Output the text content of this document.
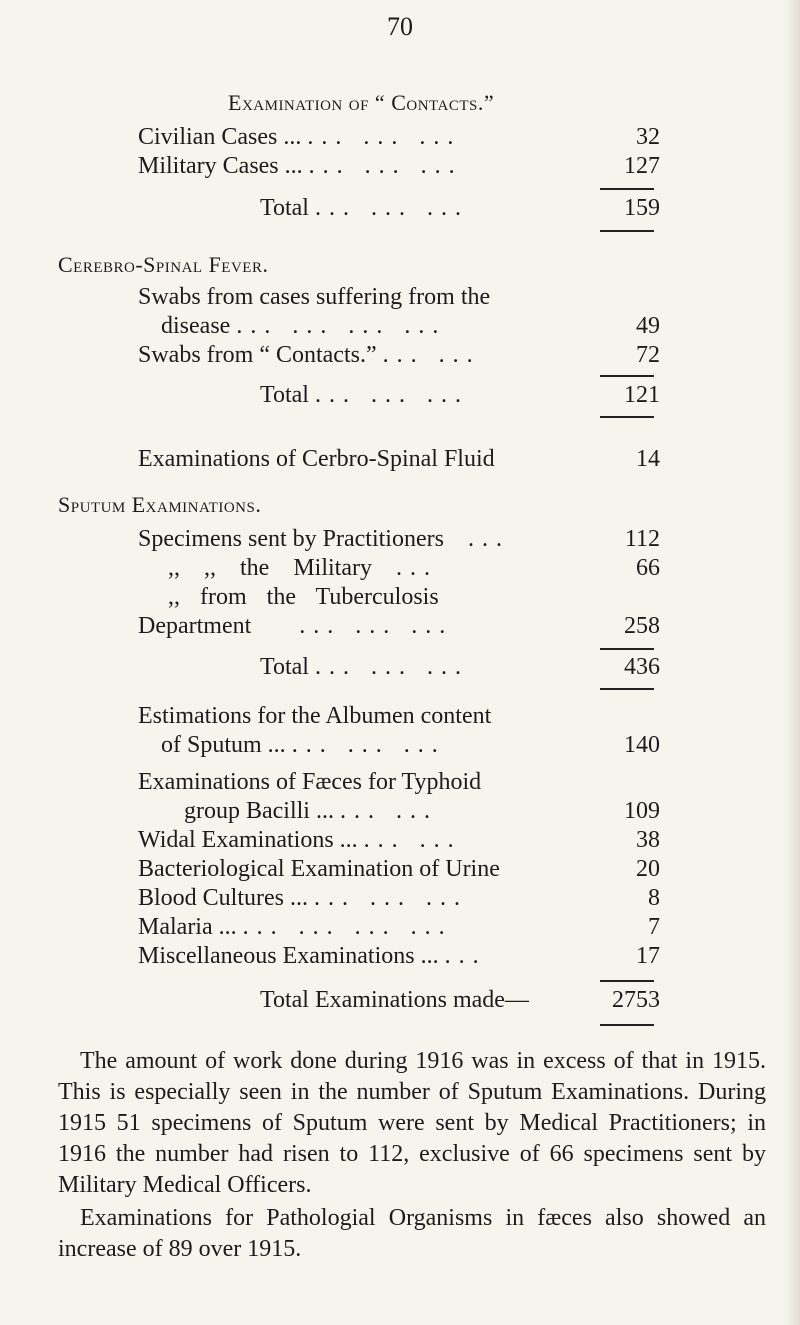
70
Examination of “ Contacts.”
Civilian Cases ... ... ... ...	32
Military Cases ... ... ... ...	127
Total ... ... ...	159
Cerebro-Spinal Fever.
Swabs from cases suffering from the
disease ... ... ... ...	49
Swabs from “ Contacts.” ... ...	72
Total ... ... ...	121
Examinations of Cerbro-Spinal Fluid	14
Sputum Examinations.
Specimens sent by Practitioners ...	112
,, ,, the Military ...	66
,, from the Tuberculosis
Department ... ... ...	258
Total ... ... ...	436
Estimations for the Albumen content
of Sputum ... ... ... ...	140
Examinations of Fæces for Typhoid
group Bacilli ... ... ...	109
Widal Examinations ... ... ...	38
Bacteriological Examination of Urine	20
Blood Cultures ... ... ... ...	8
Malaria ... ... ... ... ...	7
Miscellaneous Examinations ... ...	17
Total Examinations made—	2753
The amount of work done during 1916 was in excess of that in 1915. This is especially seen in the number of Sputum Examinations. During 1915 51 specimens of Sputum were sent by Medical Practitioners; in 1916 the number had risen to 112, exclusive of 66 specimens sent by Military Medical Officers.
Examinations for Pathologial Organisms in fæces also showed an increase of 89 over 1915.
